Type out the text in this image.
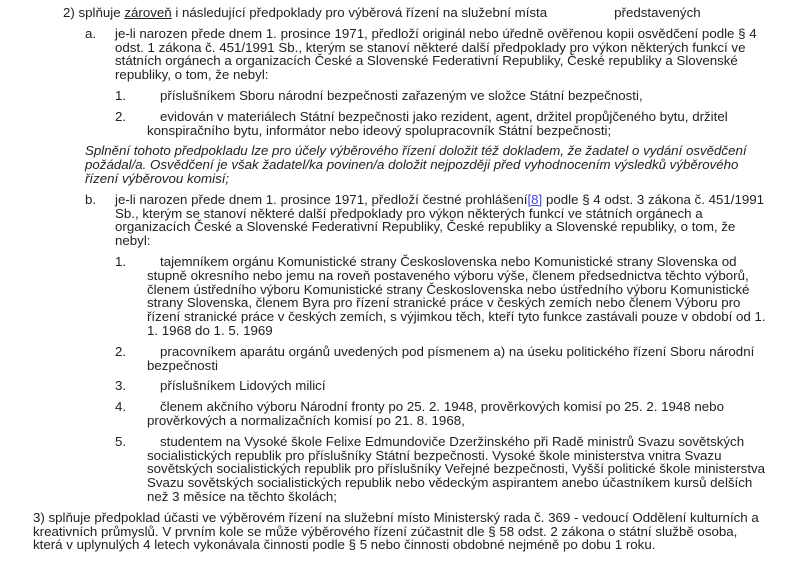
2) splňuje zároveň i následující předpoklady pro výběrová řízení na služební místa	představených

a. je-li narozen přede dnem 1. prosince 1971, předloží originál nebo úředně ověřenou kopii osvědčení podle § 4 odst. 1 zákona č. 451/1991 Sb., kterým se stanoví některé další předpoklady pro výkon některých funkcí ve státních orgánech a organizacích České a Slovenské Federativní Republiky, České republiky a Slovenské republiky, o tom, že nebyl:
1.	příslušníkem Sboru národní bezpečnosti zařazeným ve složce Státní bezpečnosti,
2.	evidován v materiálech Státní bezpečnosti jako rezident, agent, držitel propůjčeného bytu, držitel konspiračního bytu, informátor nebo ideový spolupracovník Státní bezpečnosti;

Splnění tohoto předpokladu lze pro účely výběrového řízení doložit též dokladem, že žadatel o vydání osvědčení požádal/a. Osvědčení je však žadatel/ka povinen/a doložit nejpozději před vyhodnocením výsledků výběrového řízení výběrovou komisí;

b. je-li narozen přede dnem 1. prosince 1971, předloží čestné prohlášení[8] podle § 4 odst. 3 zákona č. 451/1991 Sb., kterým se stanoví některé další předpoklady pro výkon některých funkcí ve státních orgánech a organizacích České a Slovenské Federativní Republiky, České republiky a Slovenské republiky, o tom, že nebyl:
1.	tajemníkem orgánu Komunistické strany Československa nebo Komunistické strany Slovenska od stupně okresního nebo jemu na roveň postaveného výboru výše, členem předsednictva těchto výborů, členem ústředního výboru Komunistické strany Československa nebo ústředního výboru Komunistické strany Slovenska, členem Byra pro řízení stranické práce v českých zemích nebo členem Výboru pro řízení stranické práce v českých zemích, s výjimkou těch, kteří tyto funkce zastávali pouze v období od 1. 1. 1968 do 1. 5. 1969
2.	pracovníkem aparátu orgánů uvedených pod písmenem a) na úseku politického řízení Sboru národní bezpečnosti
3.	příslušníkem Lidových milicí
4.	členem akčního výboru Národní fronty po 25. 2. 1948, prověrkových komisí po 25. 2. 1948 nebo prověrkových a normalizačních komisí po 21. 8. 1968,
5.	studentem na Vysoké škole Felixe Edmundoviče Dzeržinského při Radě ministrů Svazu sovětských socialistických republik pro příslušníky Státní bezpečnosti. Vysoké škole ministerstva vnitra Svazu sovětských socialistických republik pro příslušníky Veřejné bezpečnosti, Vyšší politické škole ministerstva Svazu sovětských socialistických republik nebo vědeckým aspirantem anebo účastníkem kursů delších než 3 měsíce na těchto školách;

3) splňuje předpoklad účasti ve výběrovém řízení na služební místo Ministerský rada č. 369 - vedoucí Oddělení kulturních a kreativních průmyslů. V prvním kole se může výběrového řízení zúčastnit dle § 58 odst. 2 zákona o státní službě osoba, která v uplynulých 4 letech vykonávala činnosti podle § 5 nebo činnosti obdobné nejméně po dobu 1 roku.
